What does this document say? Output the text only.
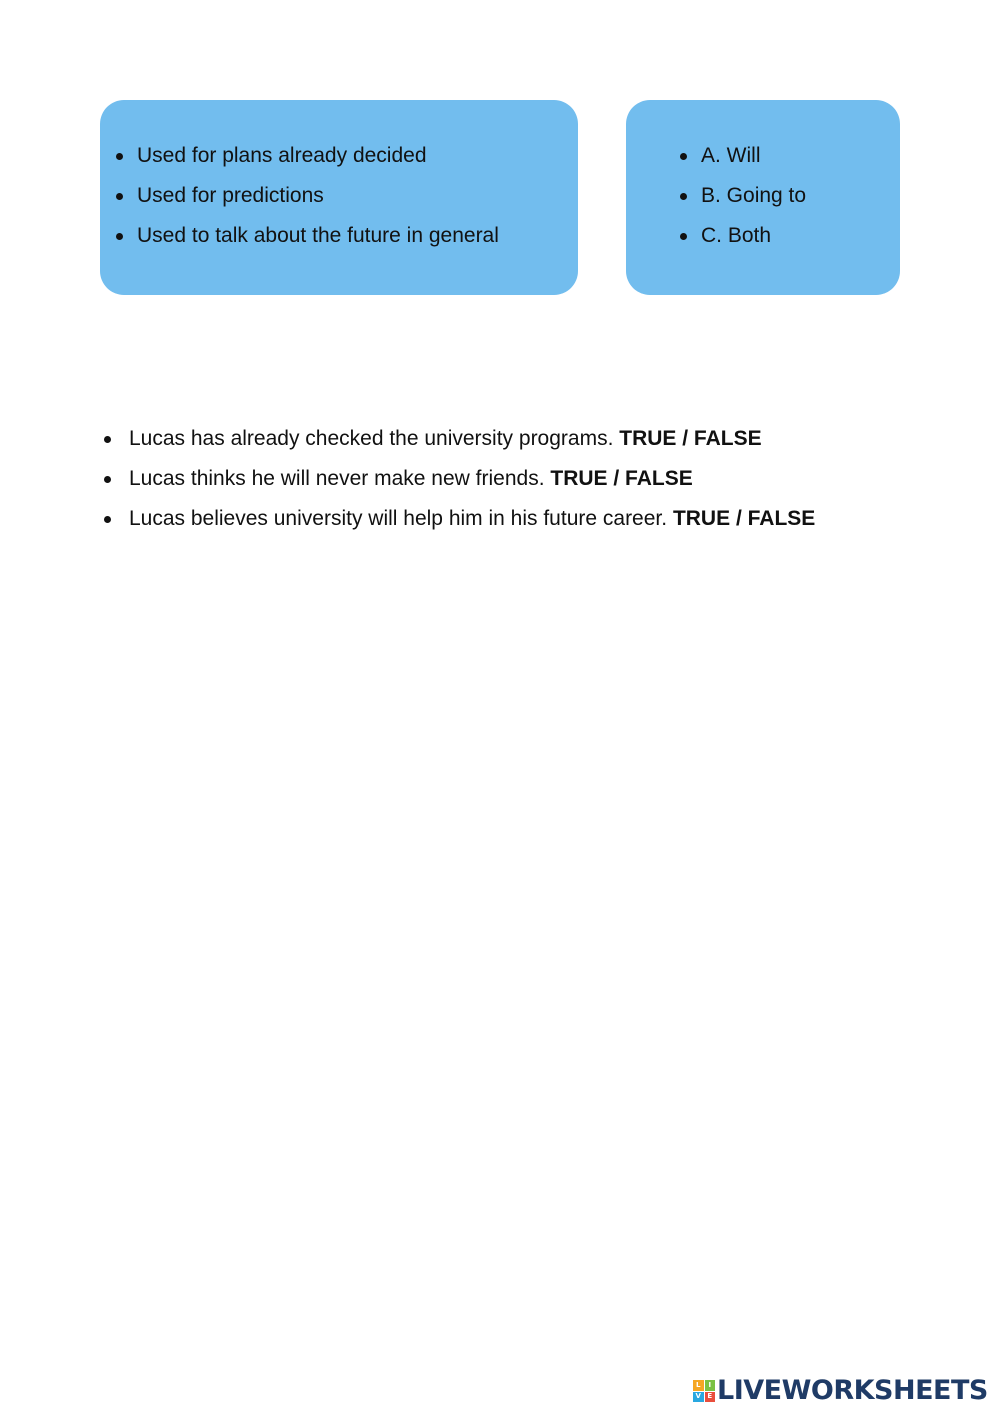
Used for plans already decided
Used for predictions
Used to talk about the future in general
A. Will
B. Going to
C. Both
Lucas has already checked the university programs. TRUE / FALSE
Lucas thinks he will never make new friends. TRUE / FALSE
Lucas believes university will help him in his future career. TRUE / FALSE
L	I
V E LIVEWORKSHEETS
